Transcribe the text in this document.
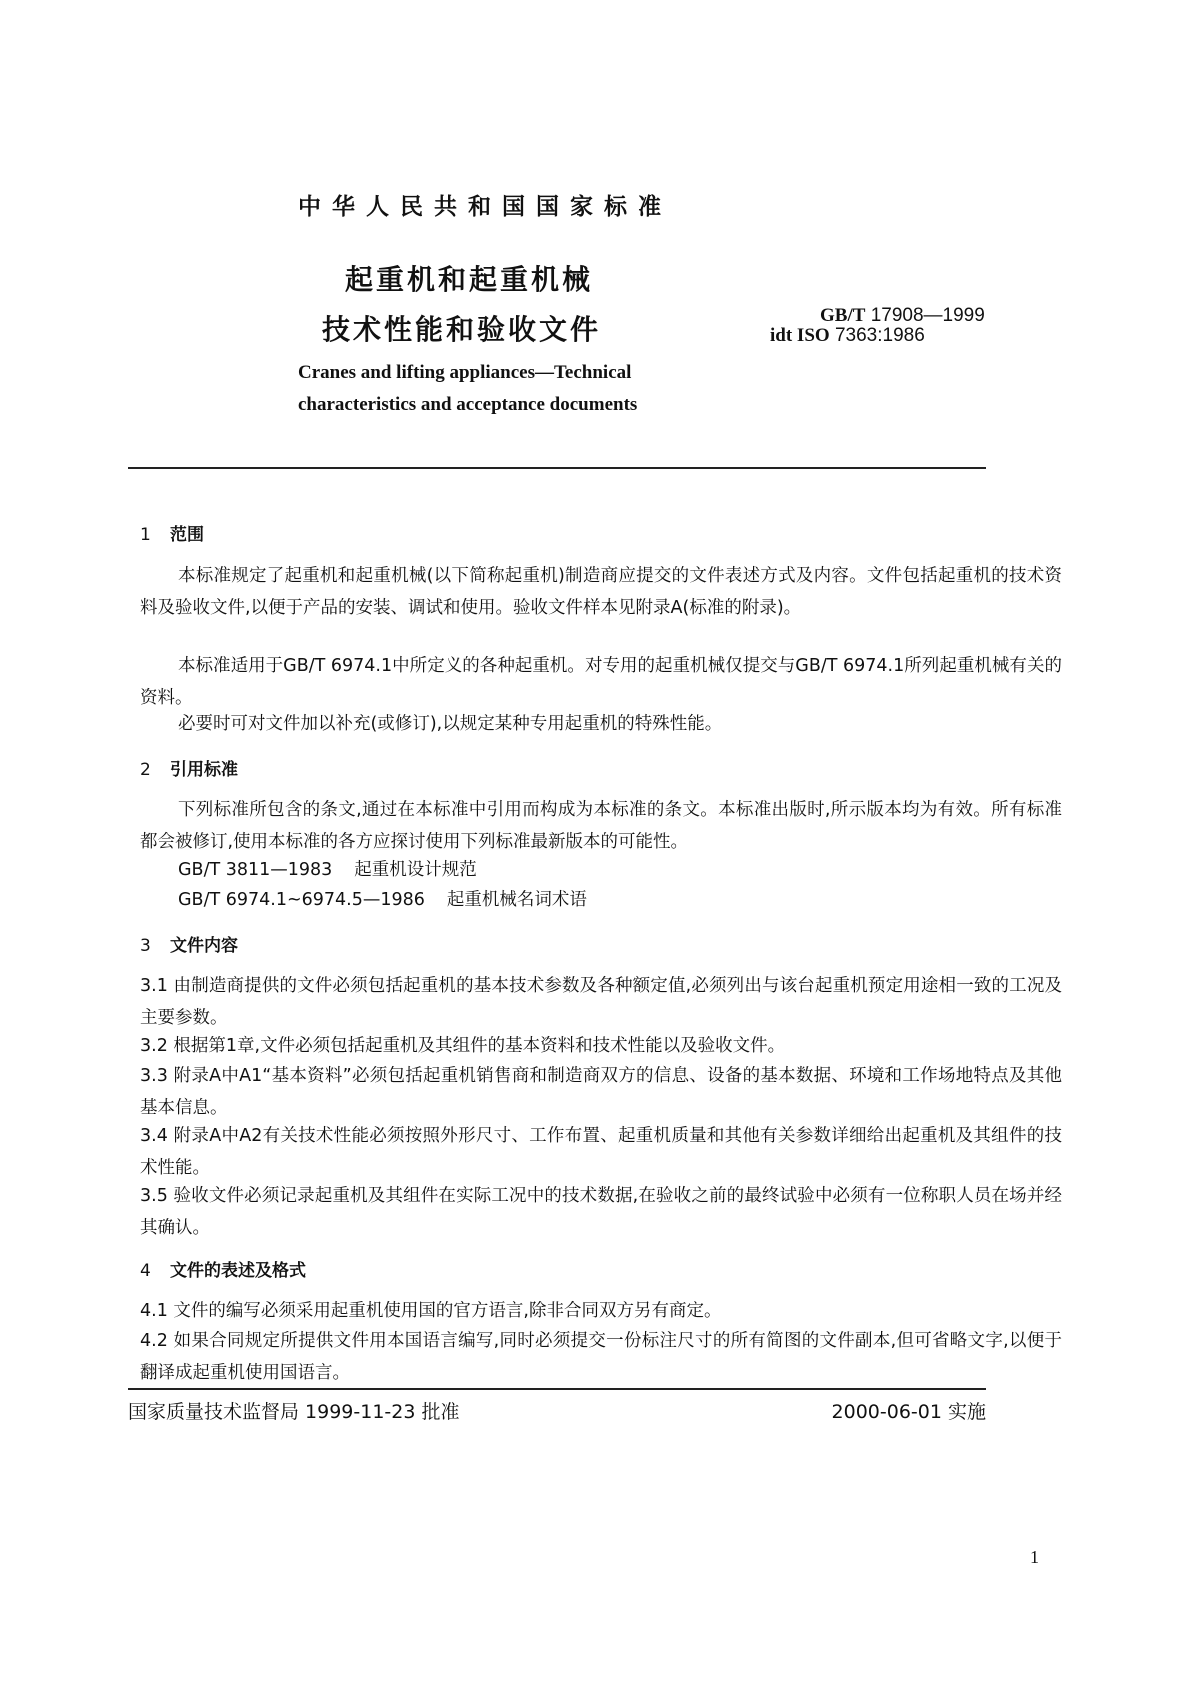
中华人民共和国国家标准
起重机和起重机械
技术性能和验收文件	GB/T 17908—1999
idt ISO 7363:1986
Cranes and lifting appliances—Technical
characteristics and acceptance documents
1 范围

本标准规定了起重机和起重机械(以下简称起重机)制造商应提交的文件表述方式及内容。文件包括起重机的技术资料及验收文件,以便于产品的安装、调试和使用。验收文件样本见附录A(标准的附录)。

本标准适用于GB/T 6974.1中所定义的各种起重机。对专用的起重机械仅提交与GB/T 6974.1所列起重机械有关的资料。

必要时可对文件加以补充(或修订),以规定某种专用起重机的特殊性能。

2 引用标准

下列标准所包含的条文,通过在本标准中引用而构成为本标准的条文。本标准出版时,所示版本均为有效。所有标准都会被修订,使用本标准的各方应探讨使用下列标准最新版本的可能性。

GB/T 3811—1983 起重机设计规范
GB/T 6974.1~6974.5—1986 起重机械名词术语
3 文件内容

3.1 由制造商提供的文件必须包括起重机的基本技术参数及各种额定值,必须列出与该台起重机预定用途相一致的工况及主要参数。

3.2 根据第1章,文件必须包括起重机及其组件的基本资料和技术性能以及验收文件。

3.3 附录A中A1“基本资料”必须包括起重机销售商和制造商双方的信息、设备的基本数据、环境和工作场地特点及其他基本信息。

3.4 附录A中A2有关技术性能必须按照外形尺寸、工作布置、起重机质量和其他有关参数详细给出起重机及其组件的技术性能。

3.5 验收文件必须记录起重机及其组件在实际工况中的技术数据,在验收之前的最终试验中必须有一位称职人员在场并经其确认。

4 文件的表述及格式

4.1 文件的编写必须采用起重机使用国的官方语言,除非合同双方另有商定。

4.2 如果合同规定所提供文件用本国语言编写,同时必须提交一份标注尺寸的所有简图的文件副本,但可省略文字,以便于翻译成起重机使用国语言。

国家质量技术监督局 1999-11-23 批准	2000-06-01 实施
1
